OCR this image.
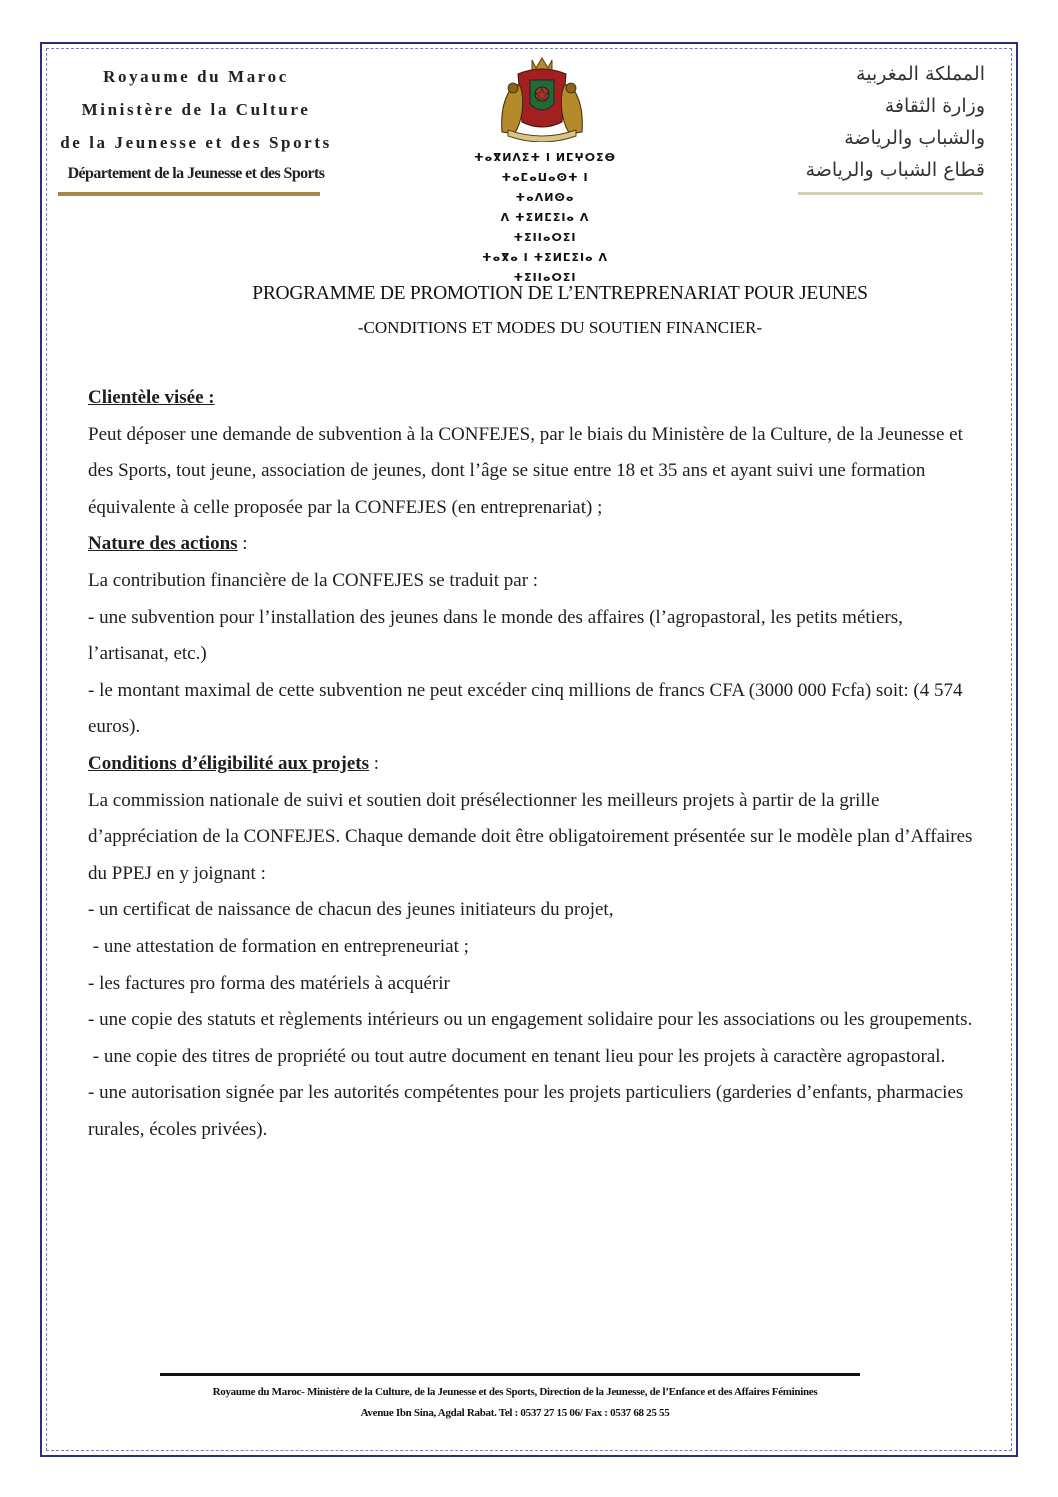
Royaume du Maroc
Ministère de la Culture
de la Jeunesse et des Sports
Département de la Jeunesse et des Sports
ⵜⴰⴳⵍⴷⵉⵜ ⵏ ⵍⵎⵖⵔⵉⴱ
ⵜⴰⵎⴰⵡⴰⵙⵜ ⵏ ⵜⴰⴷⵍⵙⴰ
ⴷ ⵜⵉⵍⵎⵉⵏⴰ ⴷ ⵜⵉⵏⵏⴰⵔⵉⵏ
ⵜⴰⴳⴰ ⵏ ⵜⵉⵍⵎⵉⵏⴰ ⴷ ⵜⵉⵏⵏⴰⵔⵉⵏ
المملكة المغربية
وزارة الثقافة
والشباب والرياضة
قطاع الشباب والرياضة
PROGRAMME DE PROMOTION DE L’ENTREPRENARIAT POUR JEUNES
-CONDITIONS ET MODES DU SOUTIEN FINANCIER-

Clientèle visée :

Peut déposer une demande de subvention à la CONFEJES, par le biais du Ministère de la Culture, de la Jeunesse et des Sports, tout jeune, association de jeunes, dont l’âge se situe entre 18 et 35 ans et ayant suivi une formation équivalente à celle proposée par la CONFEJES (en entreprenariat) ;

Nature des actions :

La contribution financière de la CONFEJES se traduit par :

- une subvention pour l’installation des jeunes dans le monde des affaires (l’agropastoral, les petits métiers, l’artisanat, etc.)

- le montant maximal de cette subvention ne peut excéder cinq millions de francs CFA (3000 000 Fcfa) soit: (4 574 euros).

Conditions d’éligibilité aux projets :

La commission nationale de suivi et soutien doit présélectionner les meilleurs projets à partir de la grille d’appréciation de la CONFEJES. Chaque demande doit être obligatoirement présentée sur le modèle plan d’Affaires du PPEJ en y joignant :

- un certificat de naissance de chacun des jeunes initiateurs du projet,

- une attestation de formation en entrepreneuriat ;

- les factures pro forma des matériels à acquérir

- une copie des statuts et règlements intérieurs ou un engagement solidaire pour les associations ou les groupements.

- une copie des titres de propriété ou tout autre document en tenant lieu pour les projets à caractère agropastoral.

- une autorisation signée par les autorités compétentes pour les projets particuliers (garderies d’enfants, pharmacies rurales, écoles privées).

Royaume du Maroc- Ministère de la Culture, de la Jeunesse et des Sports, Direction de la Jeunesse, de l’Enfance et des Affaires Féminines
Avenue Ibn Sina, Agdal Rabat. Tel : 0537 27 15 06/ Fax : 0537 68 25 55
